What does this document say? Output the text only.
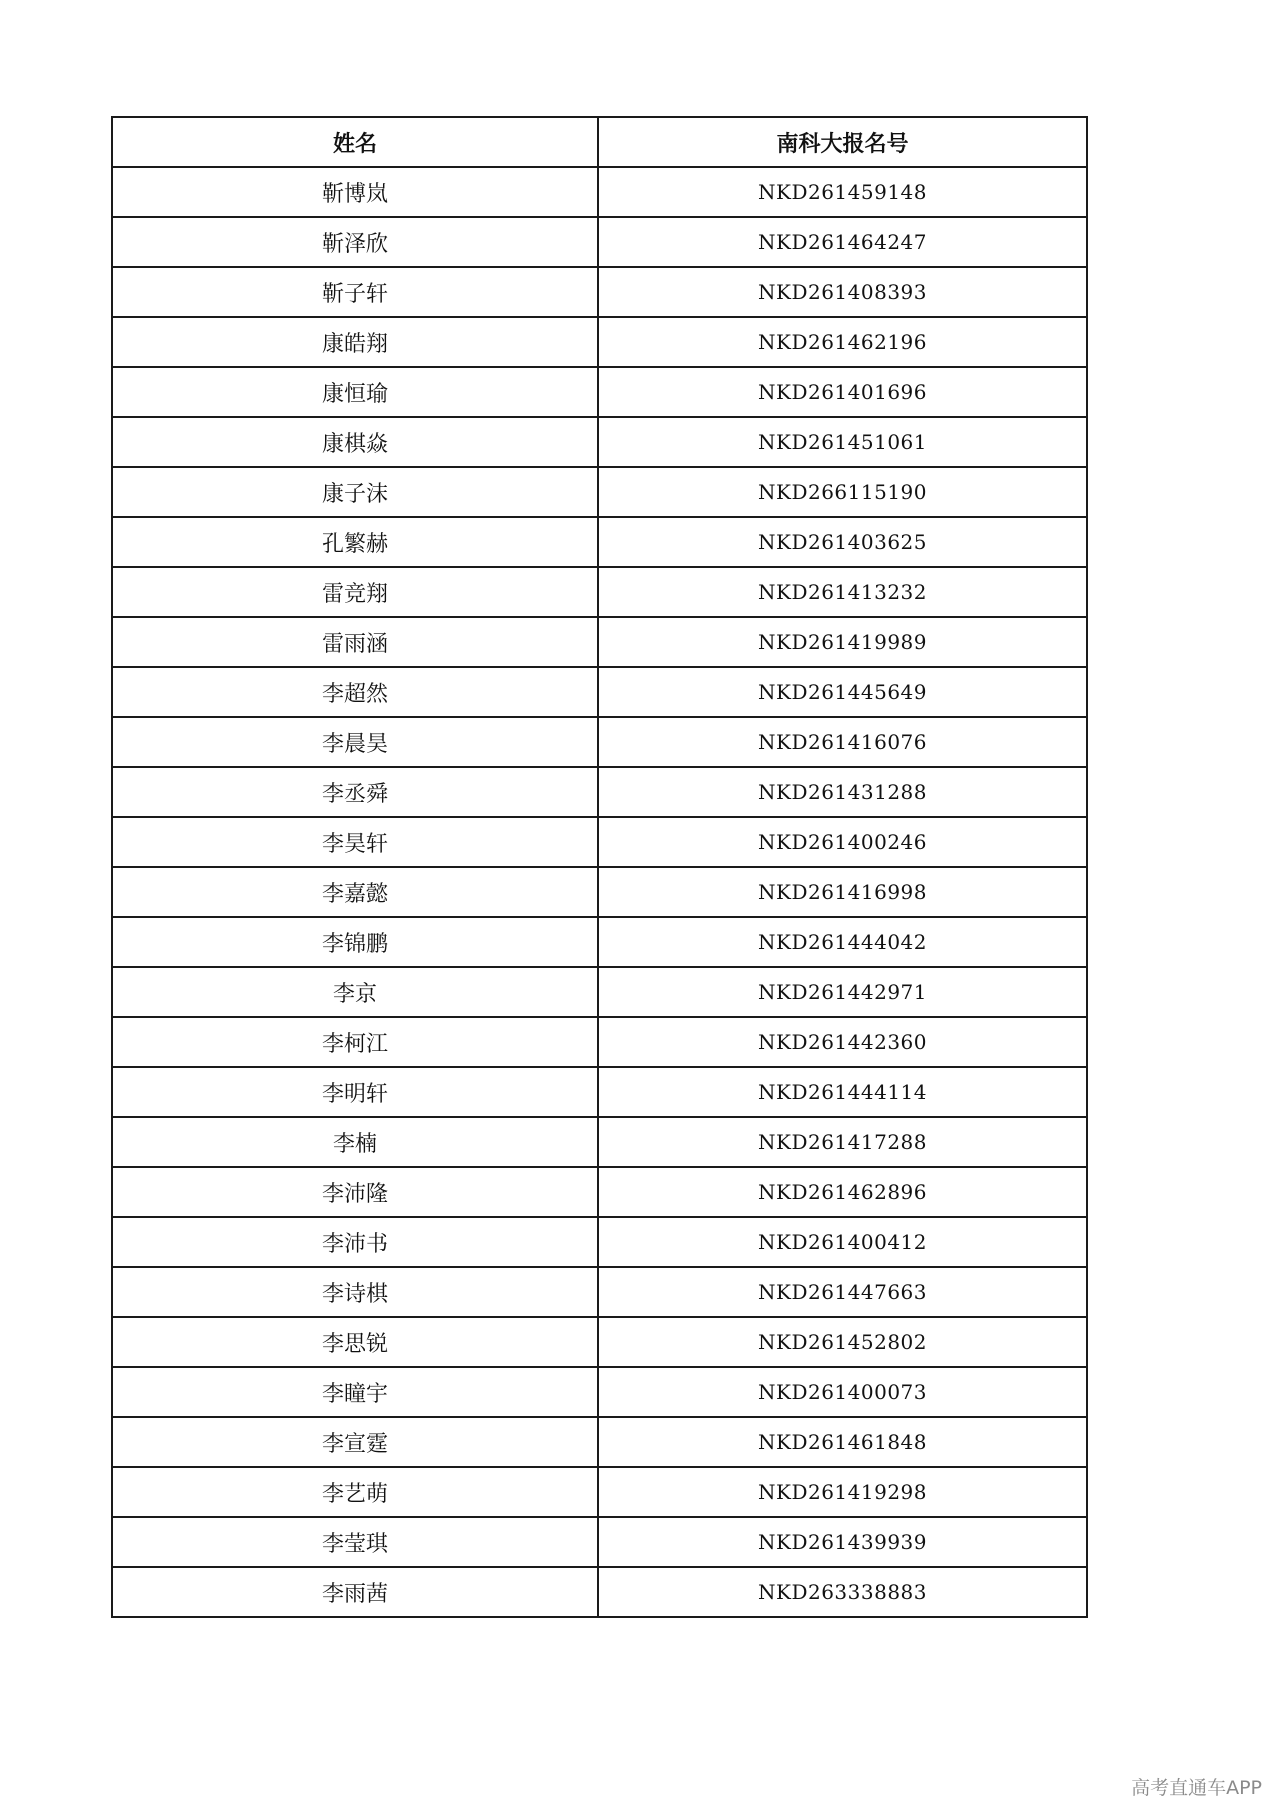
姓名	南科大报名号
靳博岚	NKD261459148
靳泽欣	NKD261464247
靳子轩	NKD261408393
康皓翔	NKD261462196
康恒瑜	NKD261401696
康棋焱	NKD261451061
康子沫	NKD266115190
孔繁赫	NKD261403625
雷竞翔	NKD261413232
雷雨涵	NKD261419989
李超然	NKD261445649
李晨昊	NKD261416076
李丞舜	NKD261431288
李昊轩	NKD261400246
李嘉懿	NKD261416998
李锦鹏	NKD261444042
李京	NKD261442971
李柯江	NKD261442360
李明轩	NKD261444114
李楠	NKD261417288
李沛隆	NKD261462896
李沛书	NKD261400412
李诗棋	NKD261447663
李思锐	NKD261452802
李瞳宇	NKD261400073
李宣霆	NKD261461848
李艺萌	NKD261419298
李莹琪	NKD261439939
李雨茜	NKD263338883
高考直通车APP
